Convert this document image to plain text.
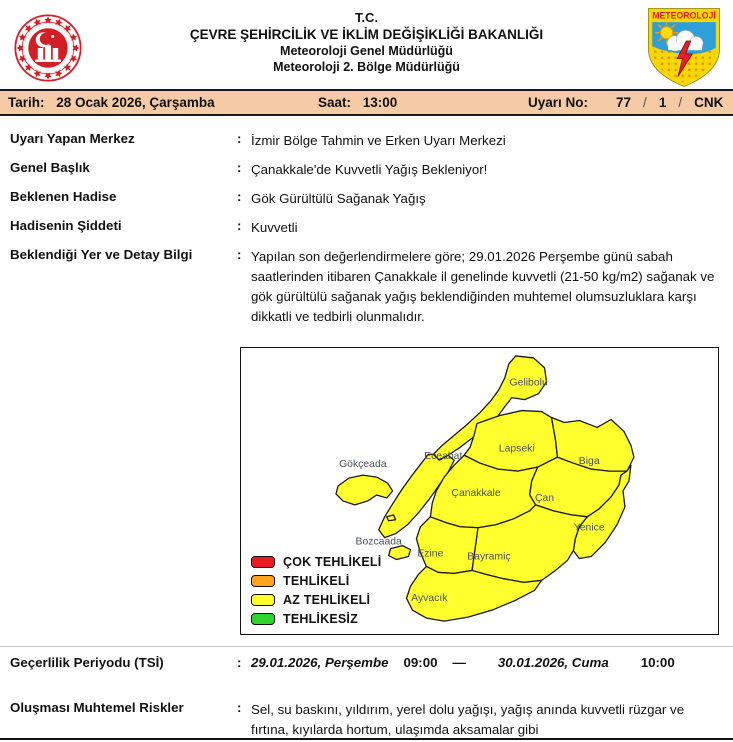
T.C.
ÇEVRE ŞEHİRCİLİK VE İKLİM DEĞİŞİKLİĞİ BAKANLIĞI
Meteoroloji Genel Müdürlüğü
Meteoroloji 2. Bölge Müdürlüğü
METEOROLOJİ
Tarih: 28 Ocak 2026, Çarşamba	Saat: 13:00	Uyarı No: 77 / 1 / CNK
Uyarı Yapan Merkez	: İzmir Bölge Tahmin ve Erken Uyarı Merkezi
Genel Başlık	: Çanakkale'de Kuvvetli Yağış Bekleniyor!
Beklenen Hadise	: Gök Gürültülü Sağanak Yağış
Hadisenin Şiddeti	: Kuvvetli
Beklendiği Yer ve Detay Bilgi	: Yapılan son değerlendirmelere göre; 29.01.2026 Perşembe günü sabah saatlerinden itibaren Çanakkale il genelinde kuvvetli (21-50 kg/m2) sağanak ve gök gürültülü sağanak yağış beklendiğinden muhtemel olumsuzluklara karşı dikkatli ve tedbirli olunmalıdır.
Gelibolu
Eceabat
Lapseki
Biga
Gökçeada
Çanakkale	Çan
Yenice
Bozcaada
Ezine Bayramiç
Ayvacık
ÇOK TEHLİKELİ
TEHLİKELİ
AZ TEHLİKELİ
TEHLİKESİZ
Geçerlilik Periyodu (TSİ)	: 29.01.2026, Perşembe 09:00 — 30.01.2026, Cuma 10:00
Oluşması Muhtemel Riskler	: Sel, su baskını, yıldırım, yerel dolu yağışı, yağış anında kuvvetli rüzgar ve fırtına, kıyılarda hortum, ulaşımda aksamalar gibi
